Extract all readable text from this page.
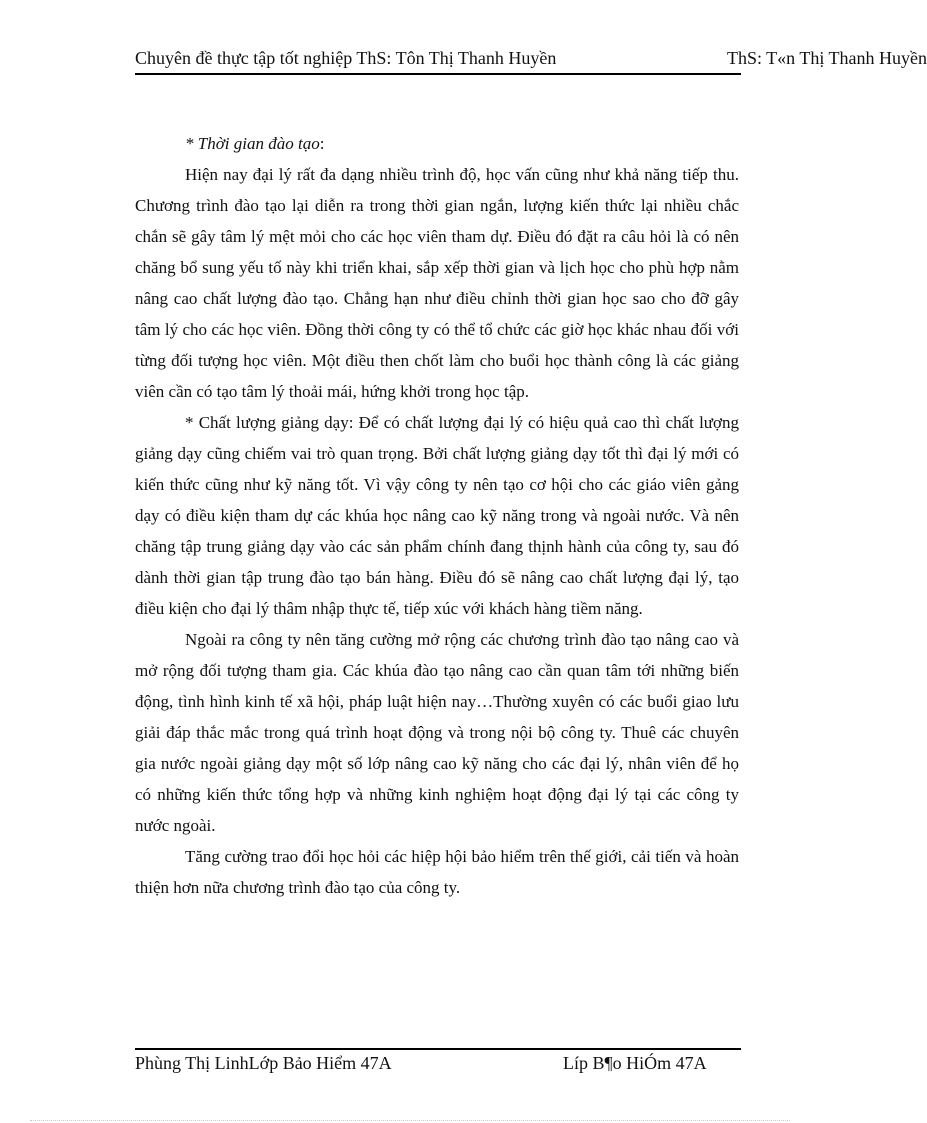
Chuyên đề thực tập tốt nghiệp ThS: Tôn Thị Thanh Huyền	ThS: T«n Thị Thanh Huyền

* Thời gian đào tạo:

Hiện nay đại lý rất đa dạng nhiều trình độ, học vấn cũng như khả năng tiếp thu. Chương trình đào tạo lại diễn ra trong thời gian ngắn, lượng kiến thức lại nhiều chắc chắn sẽ gây tâm lý mệt mỏi cho các học viên tham dự. Điều đó đặt ra câu hỏi là có nên chăng bổ sung yếu tố này khi triển khai, sắp xếp thời gian và lịch học cho phù hợp nằm nâng cao chất lượng đào tạo. Chẳng hạn như điều chỉnh thời gian học sao cho đỡ gây tâm lý cho các học viên. Đồng thời công ty có thể tổ chức các giờ học khác nhau đối với từng đối tượng học viên. Một điều then chốt làm cho buổi học thành công là các giảng viên cần có tạo tâm lý thoải mái, hứng khởi trong học tập.

* Chất lượng giảng dạy: Để có chất lượng đại lý có hiệu quả cao thì chất lượng giảng dạy cũng chiếm vai trò quan trọng. Bởi chất lượng giảng dạy tốt thì đại lý mới có kiến thức cũng như kỹ năng tốt. Vì vậy công ty nên tạo cơ hội cho các giáo viên gảng dạy có điều kiện tham dự các khúa học nâng cao kỹ năng trong và ngoài nước. Và nên chăng tập trung giảng dạy vào các sản phẩm chính đang thịnh hành của công ty, sau đó dành thời gian tập trung đào tạo bán hàng. Điều đó sẽ nâng cao chất lượng đại lý, tạo điều kiện cho đại lý thâm nhập thực tế, tiếp xúc với khách hàng tiềm năng.

Ngoài ra công ty nên tăng cường mở rộng các chương trình đào tạo nâng cao và mở rộng đối tượng tham gia. Các khúa đào tạo nâng cao cần quan tâm tới những biến động, tình hình kinh tế xã hội, pháp luật hiện nay…Thường xuyên có các buổi giao lưu giải đáp thắc mắc trong quá trình hoạt động và trong nội bộ công ty. Thuê các chuyên gia nước ngoài giảng dạy một số lớp nâng cao kỹ năng cho các đại lý, nhân viên để họ có những kiến thức tổng hợp và những kinh nghiệm hoạt động đại lý tại các công ty nước ngoài.

Tăng cường trao đổi học hỏi các hiệp hội bảo hiểm trên thế giới, cải tiến và hoàn thiện hơn nữa chương trình đào tạo của công ty.

Phùng Thị LinhLớp Bảo Hiểm 47A	Líp B¶o HiÓm 47A
